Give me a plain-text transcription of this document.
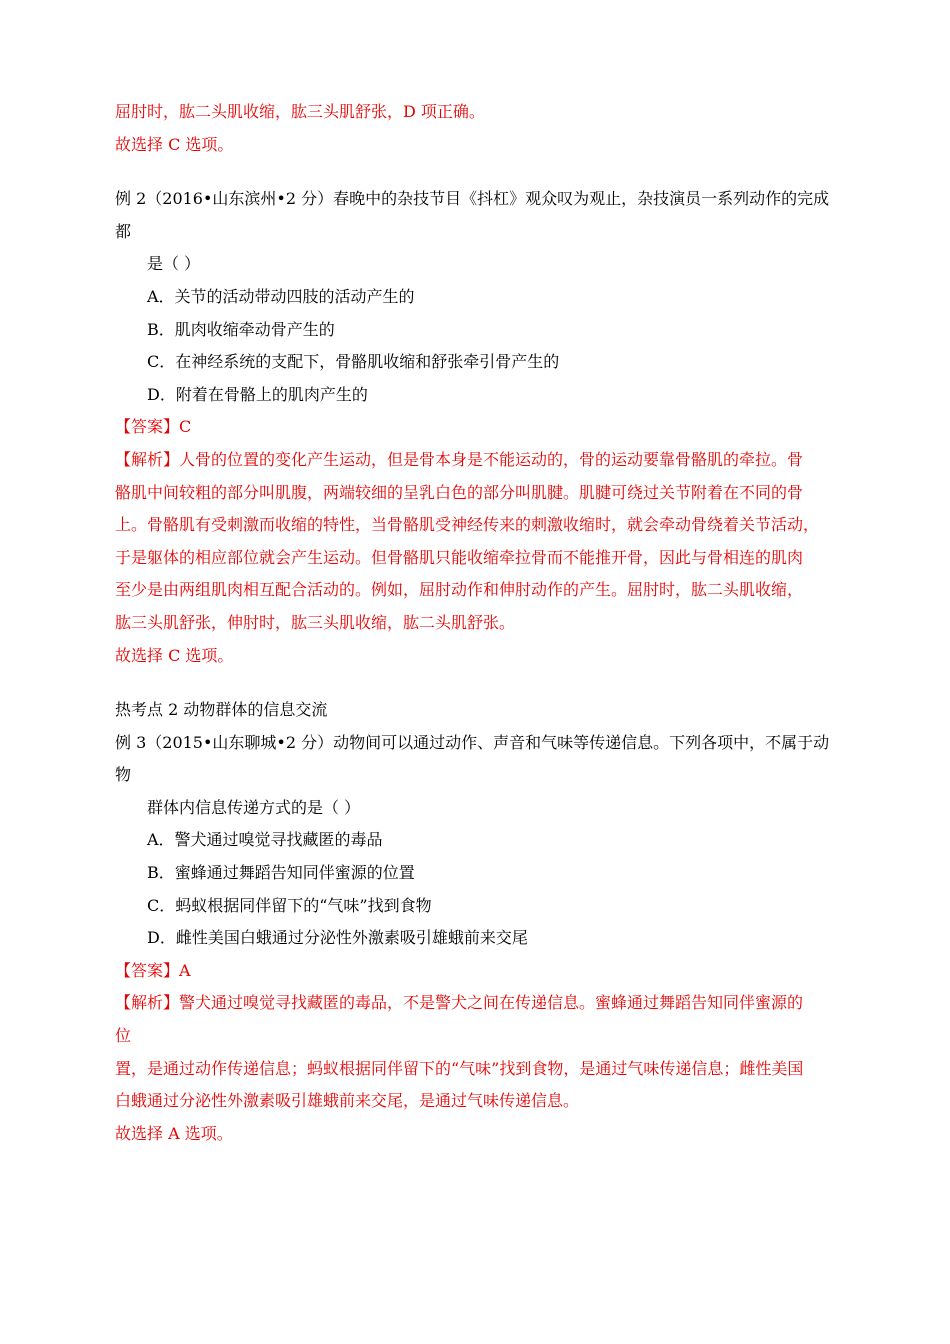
屈肘时，肱二头肌收缩，肱三头肌舒张，D 项正确。
故选择 C 选项。
例 2（2016•山东滨州•2 分）春晚中的杂技节目《抖杠》观众叹为观止，杂技演员一系列动作的完成
都
是（ ）
A．关节的活动带动四肢的活动产生的
B．肌肉收缩牵动骨产生的
C．在神经系统的支配下，骨骼肌收缩和舒张牵引骨产生的
D．附着在骨骼上的肌肉产生的
【答案】C
【解析】人骨的位置的变化产生运动，但是骨本身是不能运动的，骨的运动要靠骨骼肌的牵拉。骨
骼肌中间较粗的部分叫肌腹，两端较细的呈乳白色的部分叫肌腱。肌腱可绕过关节附着在不同的骨
上。骨骼肌有受刺激而收缩的特性，当骨骼肌受神经传来的刺激收缩时，就会牵动骨绕着关节活动，
于是躯体的相应部位就会产生运动。但骨骼肌只能收缩牵拉骨而不能推开骨，因此与骨相连的肌肉
至少是由两组肌肉相互配合活动的。例如，屈肘动作和伸肘动作的产生。屈肘时，肱二头肌收缩，
肱三头肌舒张，伸肘时，肱三头肌收缩，肱二头肌舒张。
故选择 C 选项。
热考点 2 动物群体的信息交流
例 3（2015•山东聊城•2 分）动物间可以通过动作、声音和气味等传递信息。下列各项中，不属于动
物
群体内信息传递方式的是（ ）
A．警犬通过嗅觉寻找藏匿的毒品
B．蜜蜂通过舞蹈告知同伴蜜源的位置
C．蚂蚁根据同伴留下的“气味”找到食物
D．雌性美国白蛾通过分泌性外激素吸引雄蛾前来交尾
【答案】A
【解析】警犬通过嗅觉寻找藏匿的毒品，不是警犬之间在传递信息。蜜蜂通过舞蹈告知同伴蜜源的
位
置，是通过动作传递信息；蚂蚁根据同伴留下的“气味”找到食物，是通过气味传递信息；雌性美国
白蛾通过分泌性外激素吸引雄蛾前来交尾，是通过气味传递信息。
故选择 A 选项。
